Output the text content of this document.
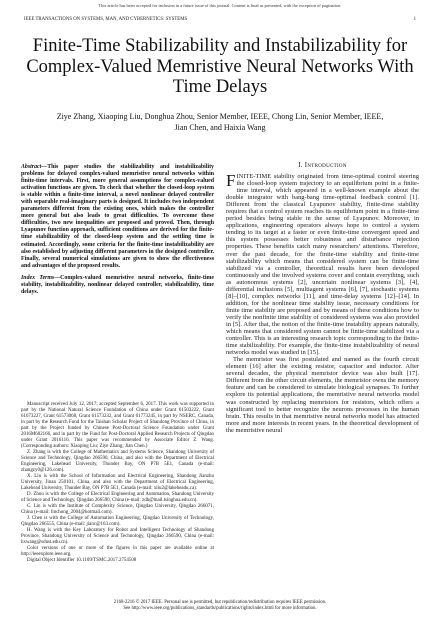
This article has been accepted for inclusion in a future issue of this journal. Content is final as presented, with the exception of pagination.
IEEE TRANSACTIONS ON SYSTEMS, MAN, AND CYBERNETICS: SYSTEMS	1
Finite-Time Stabilizability and Instabilizability for Complex-Valued Memristive Neural Networks With Time Delays
Ziye Zhang, Xiaoping Liu, Donghua Zhou, Senior Member, IEEE, Chong Lin, Senior Member, IEEE,
Jian Chen, and Haixia Wang
Abstract—This paper studies the stabilizability and instabilizability problems for delayed complex-valued memristive neural networks within finite-time intervals. First, more general assumptions for complex-valued activation functions are given. To check that whether the closed-loop system is stable within a finite-time interval, a novel nonlinear delayed controller with separable real-imaginary parts is designed. It includes two independent parameters different from the existing ones, which makes the controller more general but also leads to great difficulties. To overcome these difficulties, two new inequalities are proposed and proved. Then, through Lyapunov function approach, sufficient conditions are derived for the finite-time stabilizability of the closed-loop system and the settling time is estimated. Accordingly, some criteria for the finite-time instabilizability are also established by adjusting different parameters in the designed controller. Finally, several numerical simulations are given to show the effectiveness and advantages of the proposed results.
Index Terms—Complex-valued memristive neural networks, finite-time stability, instabilizability, nonlinear delayed controller, stabilizability, time delays.

Manuscript received July 12, 2017; accepted September 6, 2017. This work was supported in part by the National Natural Science Foundation of China under Grant 61503222, Grant 61673227, Grant 61573068, Grant 61573232, and Grant 61773245, in part by NSERC, Canada, in part by the Research Fund for the Taishan Scholar Project of Shandong Province of China, in part by the Project funded by Chinese Post-Doctoral Science Foundation under Grant 2016M602166, and in part by the Fund for Post-Doctoral Applied Research Projects of Qingdao under Grant 2016116. This paper was recommended by Associate Editor Z. Wang. (Corresponding authors: Xiaoping Liu; Ziye Zhang; Jian Chen.)

Z. Zhang is with the College of Mathematics and Systems Science, Shandong University of Science and Technology, Qingdao 266590, China, and also with the Department of Electrical Engineering, Lakehead University, Thunder Bay, ON P7B 5E1, Canada (e-mail: zhangzy0@126.com).

X. Liu is with the School of Information and Electrical Engineering, Shandong Jianzhu University, Jinan 250101, China, and also with the Department of Electrical Engineering, Lakehead University, Thunder Bay, ON P7B 5E1, Canada (e-mail: xliu2@lakeheadu.ca).

D. Zhou is with the College of Electrical Engineering and Automation, Shandong University of Science and Technology, Qingdao 266590, China (e-mail: zdh@mail.tsinghua.edu.cn).

C. Lin is with the Institute of Complexity Science, Qingdao University, Qingdao 266071, China (e-mail: linchong_2004@hotmail.com).

J. Chen is with the College of Automation Engineering, Qingdao University of Technology, Qingdao 266555, China (e-mail: jianc@163.com).

H. Wang is with the Key Laboratory for Robot and Intelligent Technology of Shandong Province, Shandong University of Science and Technology, Qingdao 266590, China (e-mail: hxwang@sdust.edu.cn).

Color versions of one or more of the figures in this paper are available online at http://ieeexplore.ieee.org.

Digital Object Identifier 10.1109/TSMC.2017.2754508

I. Introduction

FINITE-TIME stability originated from time-optimal control steering the closed-loop system trajectory to an equilibrium point in a finite-time interval, which appeared in a well-known example about the double integrator with bang-bang time-optimal feedback control [1]. Different from the classical Lyapunov stability, finite-time stability requires that a control system reaches its equilibrium point in a finite-time period besides being stable in the sense of Lyapunov. Moreover, in applications, engineering operators always hope to control a system tending to its target at a faster or even finite-time convergent speed and this system possesses better robustness and disturbance rejection properties. These benefits catch many researchers’ attentions. Therefore, over the past decade, for the finite-time stability and finite-time stabilizability which means that considered system can be finite-time stabilized via a controller, theoretical results have been developed continuously and the involved systems cover and contain everything, such as autonomous systems [2], uncertain nonlinear systems [3], [4], differential inclusions [5], multiagent systems [6], [7], stochastic systems [8]–[10], complex networks [11], and time-delay systems [12]–[14]. In addition, for the nonlinear time stability issue, necessary conditions for finite time stability are proposed and by means of these conditions how to verify the nonfinite time stability of considered systems was also provided in [5]. After that, the notion of the finite-time instability appears naturally, which means that considered system cannot be finite-time stabilized via a controller. This is an interesting research topic corresponding to the finite-time stabilizability. For example, the finite-time instabilizability of neural networks model was studied in [15].

The memristor was first postulated and named as the fourth circuit element [16] after the existing resistor, capacitor and inductor. After several decades, the physical memristor device was also built [17]. Different from the other circuit elements, the memristor owns the memory feature and can be considered to simulate biological synapses. To further explore its potential applications, the memristive neural networks model was constructed by replacing memristors for resistors, which offers a significant tool to better recognize the neurons processes in the human brain. This results in that memristive neural networks model has attracted more and more interests in recent years. In the theoretical development of the memristive neural

2168-2216 © 2017 IEEE. Personal use is permitted, but republication/redistribution requires IEEE permission.
See http://www.ieee.org/publications_standards/publications/rights/index.html for more information.
